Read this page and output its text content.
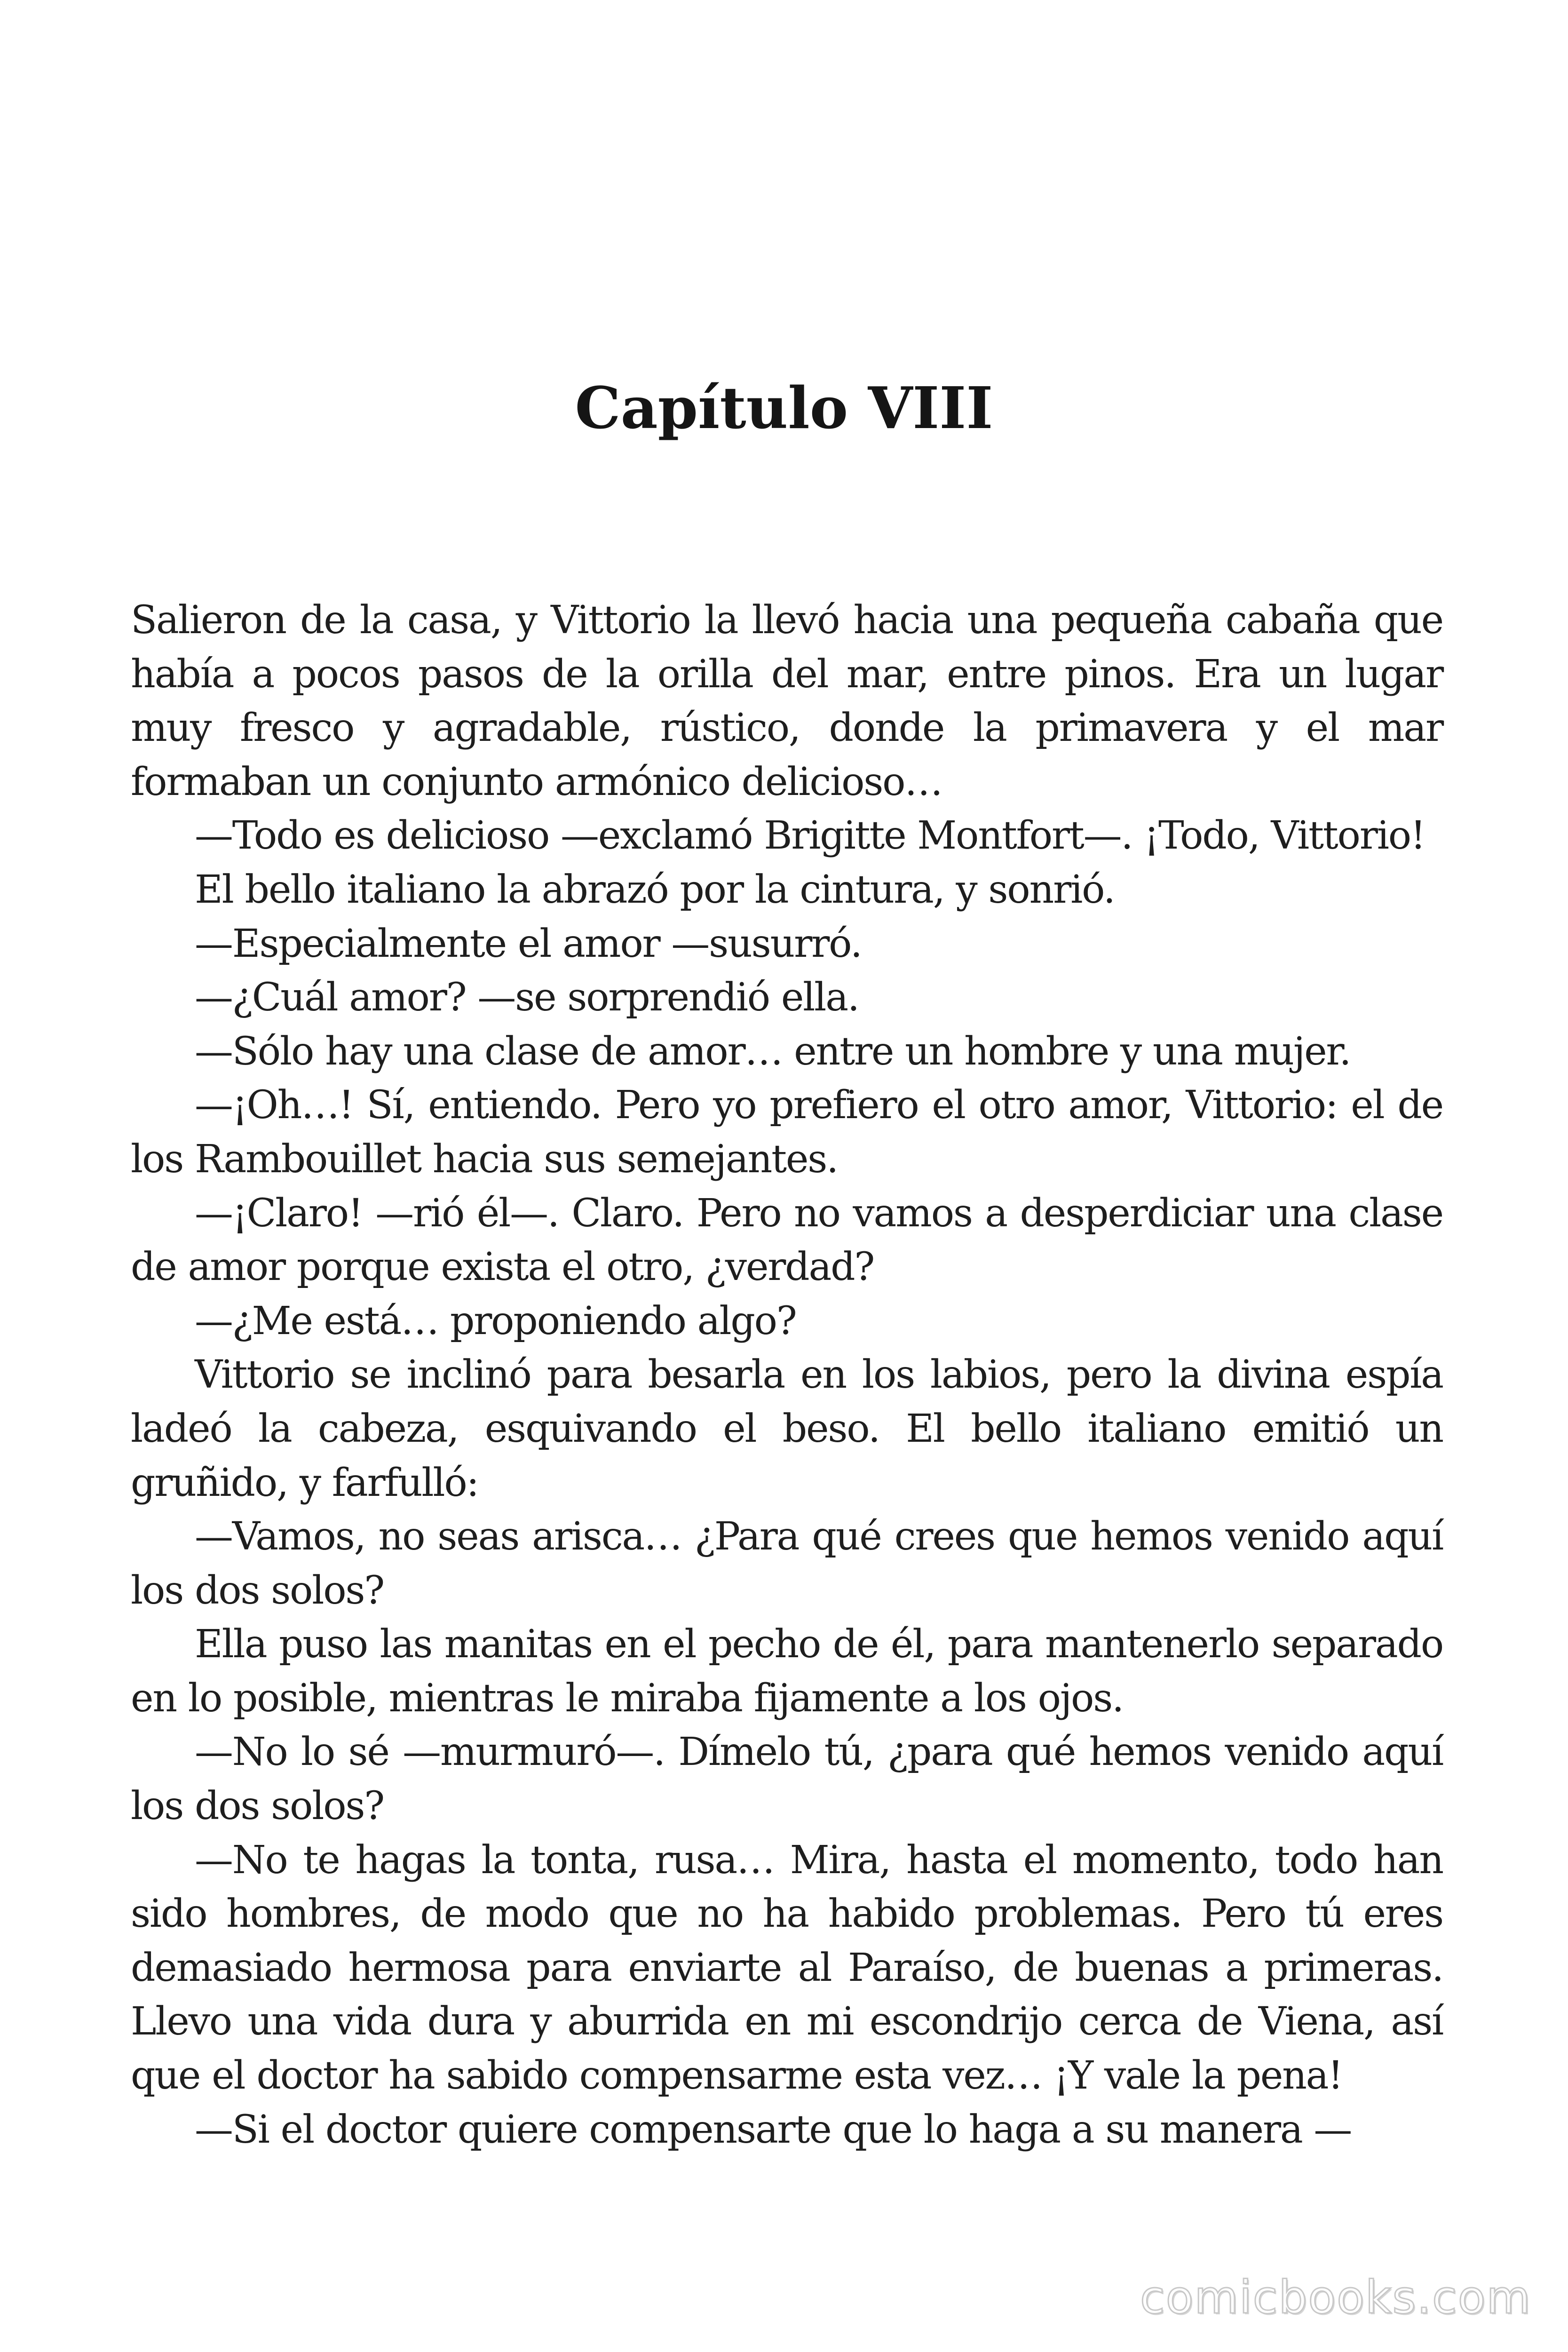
Capítulo VIII

Salieron de la casa, y Vittorio la llevó hacia una pequeña cabaña que había a pocos pasos de la orilla del mar, entre pinos. Era un lugar muy fresco y agradable, rústico, donde la primavera y el mar formaban un conjunto armónico delicioso…

—Todo es delicioso —exclamó Brigitte Montfort—. ¡Todo, Vittorio!

El bello italiano la abrazó por la cintura, y sonrió.

—Especialmente el amor —susurró.

—¿Cuál amor? —se sorprendió ella.

—Sólo hay una clase de amor… entre un hombre y una mujer.

—¡Oh…! Sí, entiendo. Pero yo prefiero el otro amor, Vittorio: el de los Rambouillet hacia sus semejantes.

—¡Claro! —rió él—. Claro. Pero no vamos a desperdiciar una clase de amor porque exista el otro, ¿verdad?

—¿Me está… proponiendo algo?

Vittorio se inclinó para besarla en los labios, pero la divina espía ladeó la cabeza, esquivando el beso. El bello italiano emitió un gruñido, y farfulló:

—Vamos, no seas arisca… ¿Para qué crees que hemos venido aquí los dos solos?

Ella puso las manitas en el pecho de él, para mantenerlo separado en lo posible, mientras le miraba fijamente a los ojos.

—No lo sé —murmuró—. Dímelo tú, ¿para qué hemos venido aquí los dos solos?

—No te hagas la tonta, rusa… Mira, hasta el momento, todo han sido hombres, de modo que no ha habido problemas. Pero tú eres demasiado hermosa para enviarte al Paraíso, de buenas a primeras. Llevo una vida dura y aburrida en mi escondrijo cerca de Viena, así que el doctor ha sabido compensarme esta vez… ¡Y vale la pena!

—Si el doctor quiere compensarte que lo haga a su manera —

comicbooks.com
